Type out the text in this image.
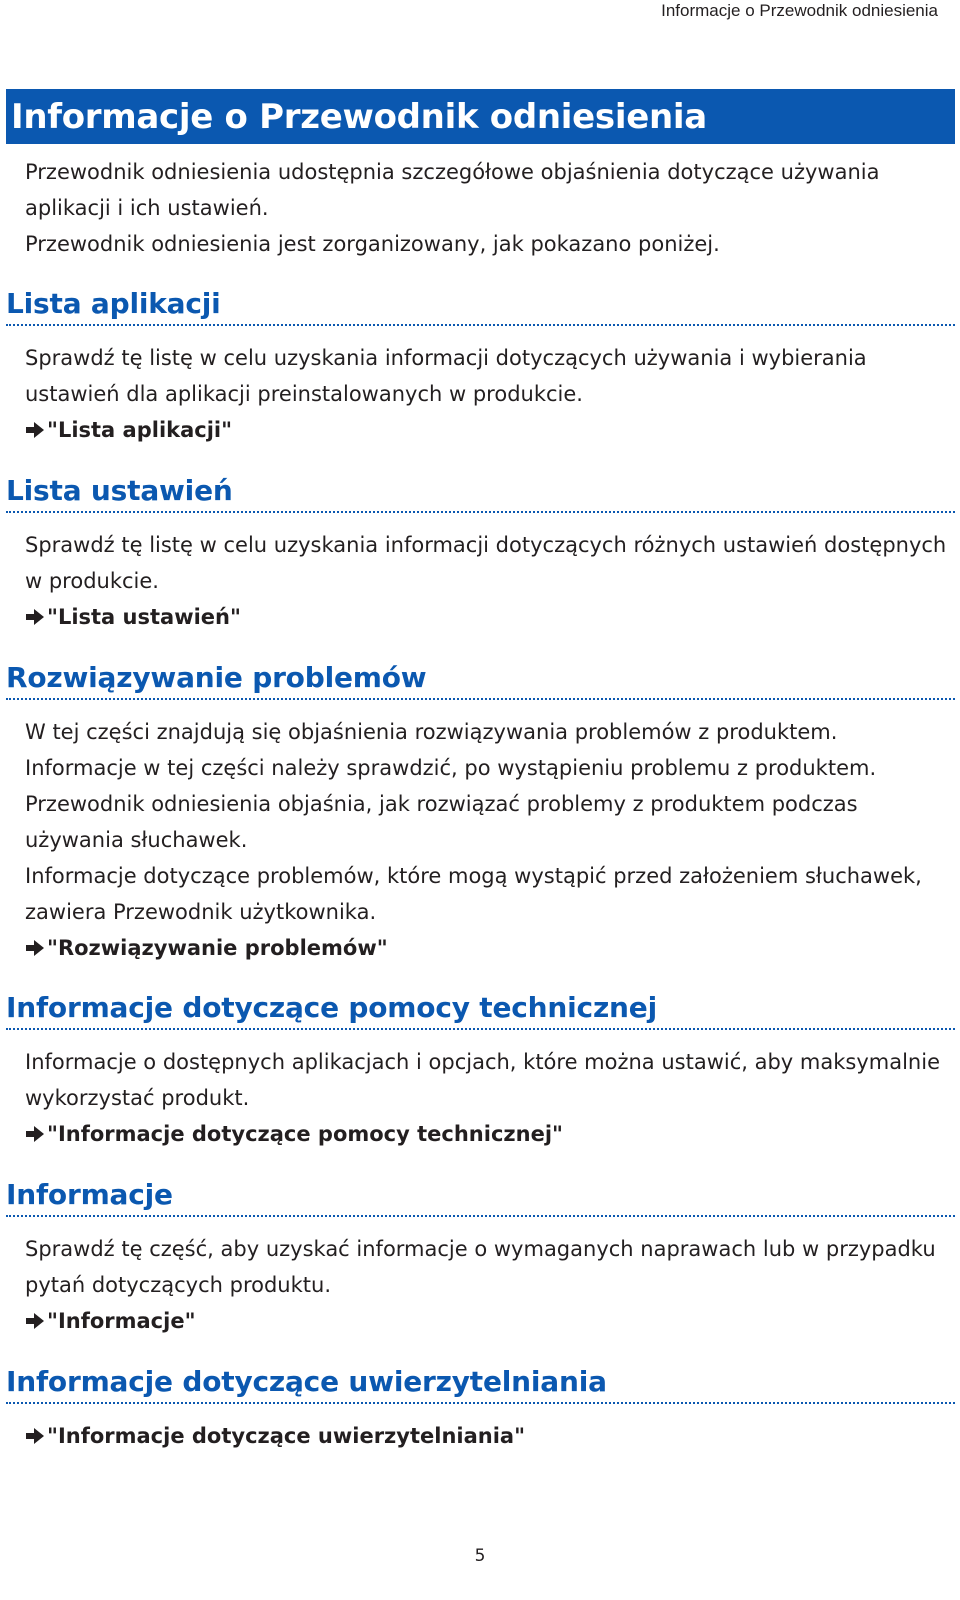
Informacje o Przewodnik odniesienia
Informacje o Przewodnik odniesienia

Przewodnik odniesienia udostępnia szczegółowe objaśnienia dotyczące używania aplikacji i ich ustawień.

Przewodnik odniesienia jest zorganizowany, jak pokazano poniżej.

Lista aplikacji

Sprawdź tę listę w celu uzyskania informacji dotyczących używania i wybierania ustawień dla aplikacji preinstalowanych w produkcie.

"Lista aplikacji"

Lista ustawień

Sprawdź tę listę w celu uzyskania informacji dotyczących różnych ustawień dostępnych w produkcie.

"Lista ustawień"

Rozwiązywanie problemów

W tej części znajdują się objaśnienia rozwiązywania problemów z produktem.

Informacje w tej części należy sprawdzić, po wystąpieniu problemu z produktem.

Przewodnik odniesienia objaśnia, jak rozwiązać problemy z produktem podczas używania słuchawek.

Informacje dotyczące problemów, które mogą wystąpić przed założeniem słuchawek, zawiera Przewodnik użytkownika.

"Rozwiązywanie problemów"

Informacje dotyczące pomocy technicznej

Informacje o dostępnych aplikacjach i opcjach, które można ustawić, aby maksymalnie wykorzystać produkt.

"Informacje dotyczące pomocy technicznej"

Informacje

Sprawdź tę część, aby uzyskać informacje o wymaganych naprawach lub w przypadku pytań dotyczących produktu.

"Informacje"

Informacje dotyczące uwierzytelniania

"Informacje dotyczące uwierzytelniania"

5
